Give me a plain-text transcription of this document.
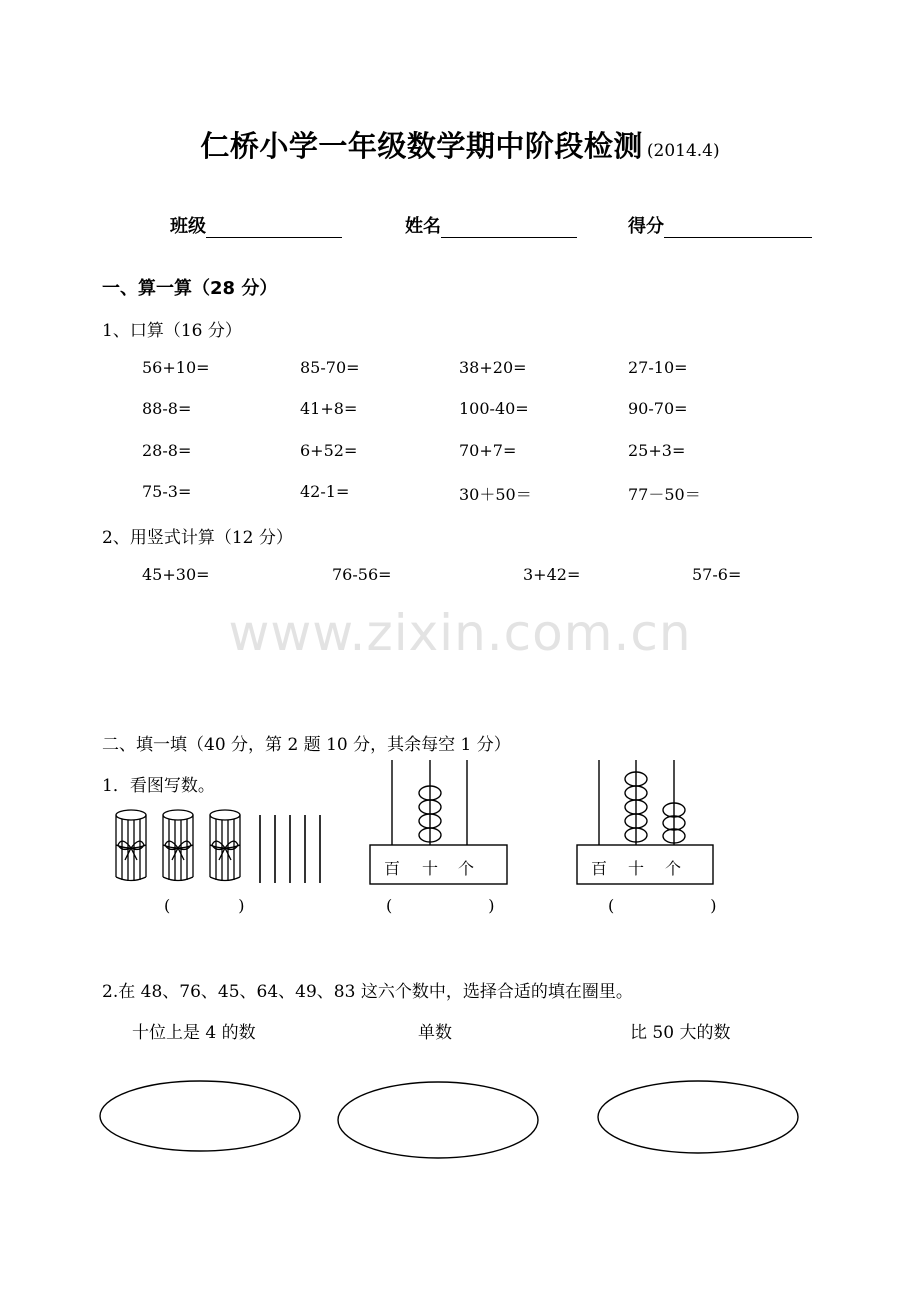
仁桥小学一年级数学期中阶段检测 (2014.4)
班级	姓名	得分
一、算一算（28 分）
1、口算（16 分）
56+10=	85-70=	38+20=	27-10=
88-8=	41+8=	100-40=	90-70=
28-8=	6+52=	70+7=	25+3=
75-3=	42-1=	30＋50＝	77－50＝
2、用竖式计算（12 分）
45+30=	76-56=	3+42=	57-6=
www.zixin.com.cn
二、填一填（40 分，第 2 题 10 分，其余每空 1 分）
1．看图写数。
百 十 个	百 十 个
(　　)	(　　　)	(　　　)
2.在 48、76、45、64、49、83 这六个数中，选择合适的填在圈里。
十位上是 4 的数	单数	比 50 大的数
